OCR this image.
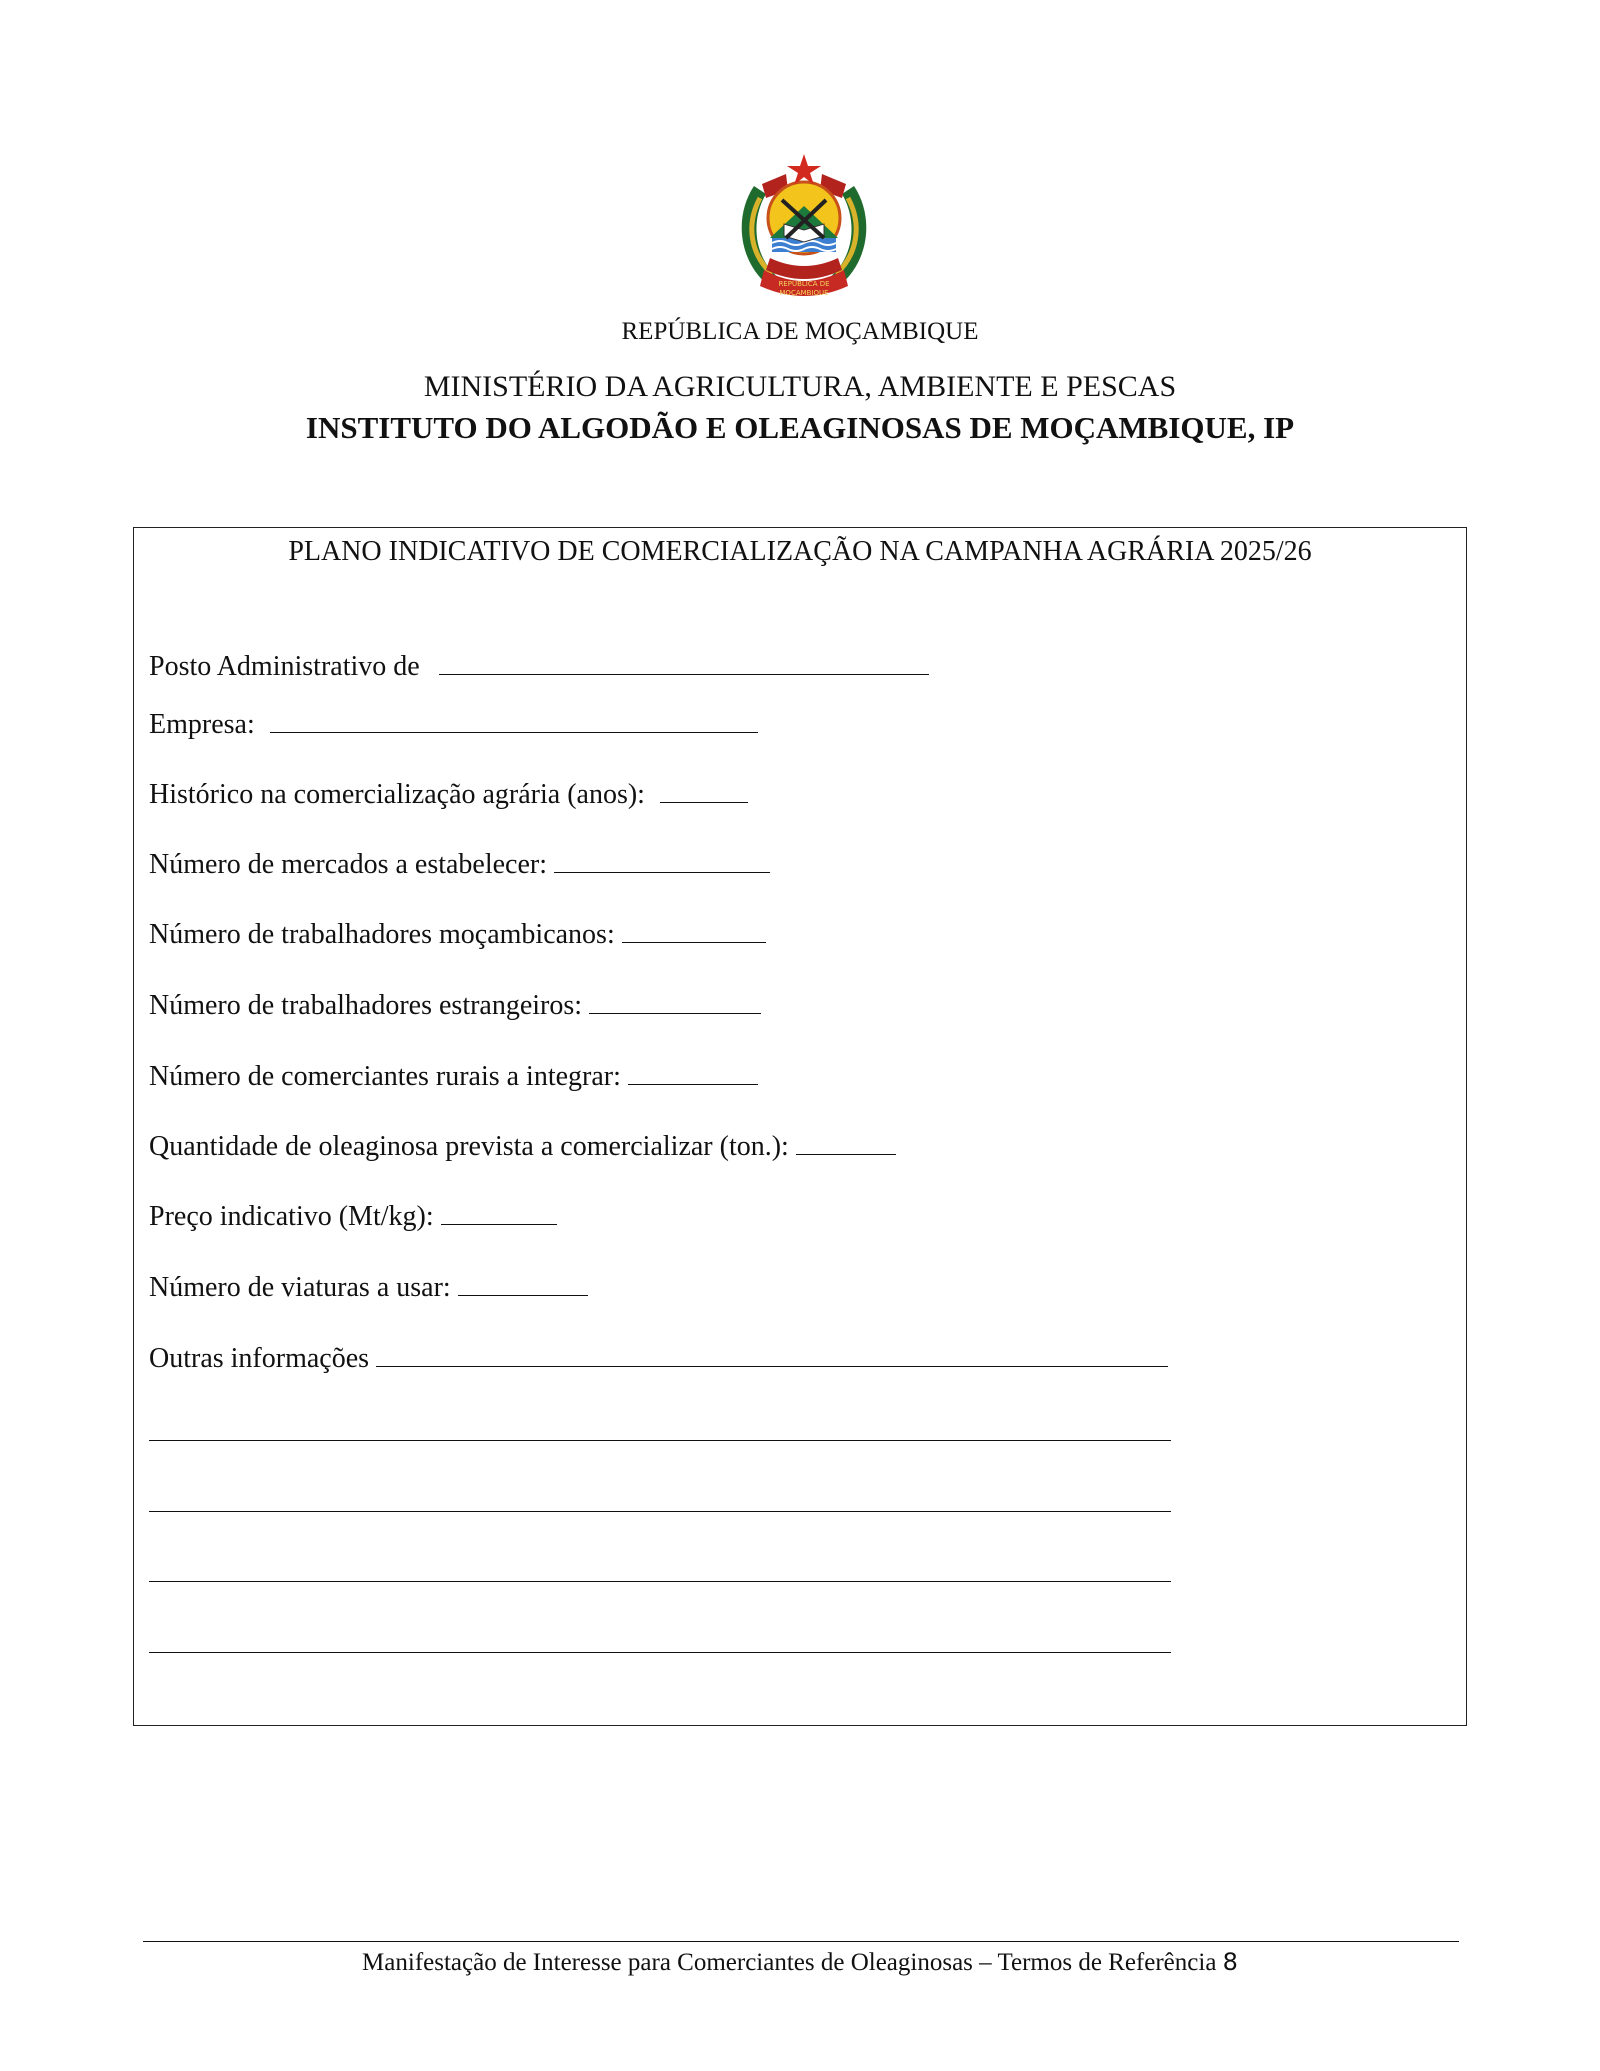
REPÚBLICA DE
MOÇAMBIQUE
REPÚBLICA DE MOÇAMBIQUE
MINISTÉRIO DA AGRICULTURA, AMBIENTE E PESCAS
INSTITUTO DO ALGODÃO E OLEAGINOSAS DE MOÇAMBIQUE, IP
PLANO INDICATIVO DE COMERCIALIZAÇÃO NA CAMPANHA AGRÁRIA 2025/26
Posto Administrativo de
Empresa:
Histórico na comercialização agrária (anos):
Número de mercados a estabelecer:
Número de trabalhadores moçambicanos:
Número de trabalhadores estrangeiros:
Número de comerciantes rurais a integrar:
Quantidade de oleaginosa prevista a comercializar (ton.):
Preço indicativo (Mt/kg):
Número de viaturas a usar:
Outras informações
Manifestação de Interesse para Comerciantes de Oleaginosas – Termos de Referência 8
